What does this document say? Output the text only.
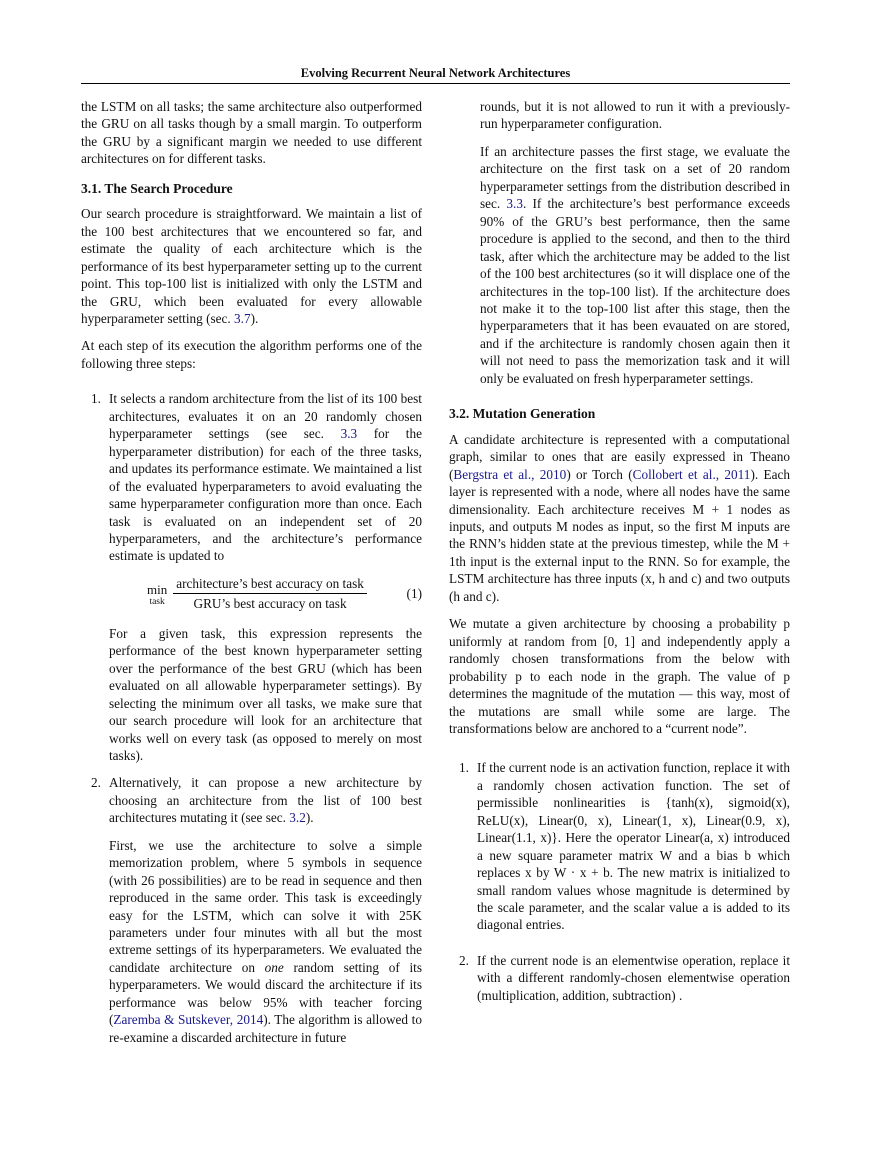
Evolving Recurrent Neural Network Architectures

the LSTM on all tasks; the same architecture also outperformed the GRU on all tasks though by a small margin. To outperform the GRU by a significant margin we needed to use different architectures on for different tasks.

3.1. The Search Procedure

Our search procedure is straightforward. We maintain a list of the 100 best architectures that we encountered so far, and estimate the quality of each architecture which is the performance of its best hyperparameter setting up to the current point. This top-100 list is initialized with only the LSTM and the GRU, which been evaluated for every allowable hyperparameter setting (sec. 3.7).

At each step of its execution the algorithm performs one of the following three steps:

1. It selects a random architecture from the list of its 100 best architectures, evaluates it on an 20 randomly chosen hyperparameter settings (see sec. 3.3 for the hyperparameter distribution) for each of the three tasks, and updates its performance estimate. We maintained a list of the evaluated hyperparameters to avoid evaluating the same hyperparameter configuration more than once. Each task is evaluated on an independent set of 20 hyperparameters, and the architecture’s performance estimate is updated to

min
task $\frac{\text{architecture’s best accuracy on task}}{\text{GRU’s best accuracy on task}}$	(1)

For a given task, this expression represents the performance of the best known hyperparameter setting over the performance of the best GRU (which has been evaluated on all allowable hyperparameter settings). By selecting the minimum over all tasks, we make sure that our search procedure will look for an architecture that works well on every task (as opposed to merely on most tasks).

2. Alternatively, it can propose a new architecture by choosing an architecture from the list of 100 best architectures mutating it (see sec. 3.2).

First, we use the architecture to solve a simple memorization problem, where 5 symbols in sequence (with 26 possibilities) are to be read in sequence and then reproduced in the same order. This task is exceedingly easy for the LSTM, which can solve it with 25K parameters under four minutes with all but the most extreme settings of its hyperparameters. We evaluated the candidate architecture on one random setting of its hyperparameters. We would discard the architecture if its performance was below 95% with teacher forcing (Zaremba & Sutskever, 2014). The algorithm is allowed to re-examine a discarded architecture in future

rounds, but it is not allowed to run it with a previously-run hyperparameter configuration.

If an architecture passes the first stage, we evaluate the architecture on the first task on a set of 20 random hyperparameter settings from the distribution described in sec. 3.3. If the architecture’s best performance exceeds 90% of the GRU’s best performance, then the same procedure is applied to the second, and then to the third task, after which the architecture may be added to the list of the 100 best architectures (so it will displace one of the architectures in the top-100 list). If the architecture does not make it to the top-100 list after this stage, then the hyperparameters that it has been evauated on are stored, and if the architecture is randomly chosen again then it will not need to pass the memorization task and it will only be evaluated on fresh hyperparameter settings.

3.2. Mutation Generation

A candidate architecture is represented with a computational graph, similar to ones that are easily expressed in Theano (Bergstra et al., 2010) or Torch (Collobert et al., 2011). Each layer is represented with a node, where all nodes have the same dimensionality. Each architecture receives M + 1 nodes as inputs, and outputs M nodes as input, so the first M inputs are the RNN’s hidden state at the previous timestep, while the M + 1th input is the external input to the RNN. So for example, the LSTM architecture has three inputs (x, h and c) and two outputs (h and c).

We mutate a given architecture by choosing a probability p uniformly at random from [0, 1] and independently apply a randomly chosen transformations from the below with probability p to each node in the graph. The value of p determines the magnitude of the mutation — this way, most of the mutations are small while some are large. The transformations below are anchored to a “current node”.

1. If the current node is an activation function, replace it with a randomly chosen activation function. The set of permissible nonlinearities is {tanh(x), sigmoid(x), ReLU(x), Linear(0, x), Linear(1, x), Linear(0.9, x), Linear(1.1, x)}. Here the operator Linear(a, x) introduced a new square parameter matrix W and a bias b which replaces x by W · x + b. The new matrix is initialized to small random values whose magnitude is determined by the scale parameter, and the scalar value a is added to its diagonal entries.

2. If the current node is an elementwise operation, replace it with a different randomly-chosen elementwise operation (multiplication, addition, subtraction) .
